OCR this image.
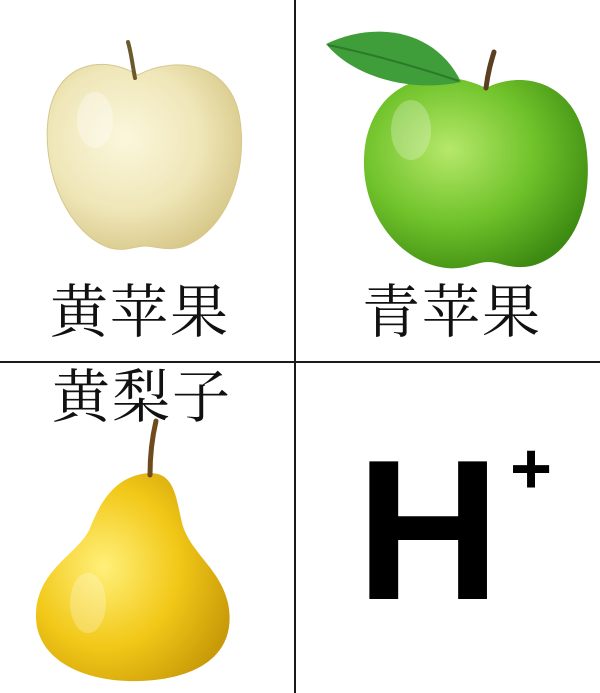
黄苹果 青苹果
黄梨子
H +
